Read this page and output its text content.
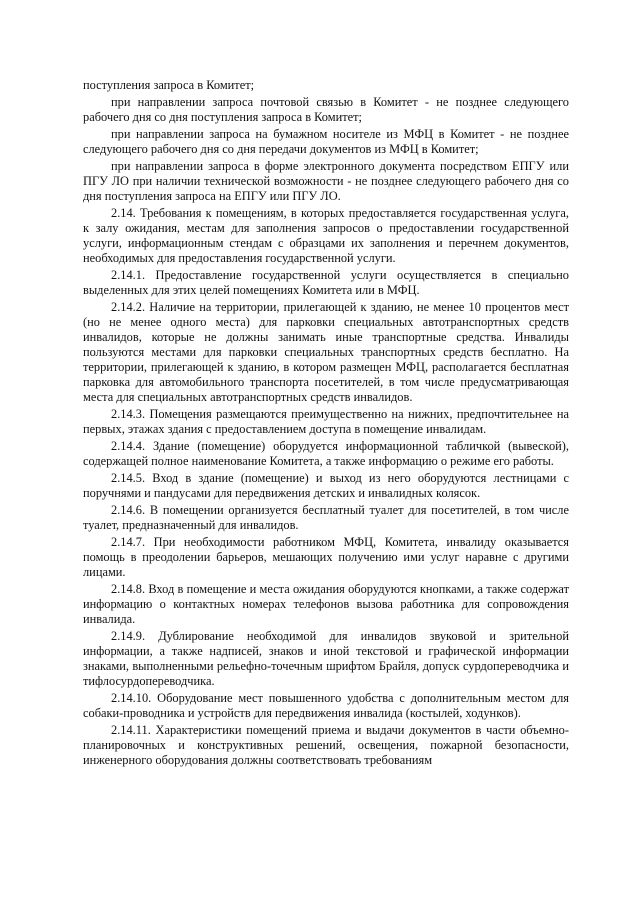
поступления запроса в Комитет;

при направлении запроса почтовой связью в Комитет - не позднее следующего рабочего дня со дня поступления запроса в Комитет;

при направлении запроса на бумажном носителе из МФЦ в Комитет - не позднее следующего рабочего дня со дня передачи документов из МФЦ в Комитет;

при направлении запроса в форме электронного документа посредством ЕПГУ или ПГУ ЛО при наличии технической возможности - не позднее следующего рабочего дня со дня поступления запроса на ЕПГУ или ПГУ ЛО.

2.14. Требования к помещениям, в которых предоставляется государственная услуга, к залу ожидания, местам для заполнения запросов о предоставлении государственной услуги, информационным стендам с образцами их заполнения и перечнем документов, необходимых для предоставления государственной услуги.

2.14.1. Предоставление государственной услуги осуществляется в специально выделенных для этих целей помещениях Комитета или в МФЦ.

2.14.2. Наличие на территории, прилегающей к зданию, не менее 10 процентов мест (но не менее одного места) для парковки специальных автотранспортных средств инвалидов, которые не должны занимать иные транспортные средства. Инвалиды пользуются местами для парковки специальных транспортных средств бесплатно. На территории, прилегающей к зданию, в котором размещен МФЦ, располагается бесплатная парковка для автомобильного транспорта посетителей, в том числе предусматривающая места для специальных автотранспортных средств инвалидов.

2.14.3. Помещения размещаются преимущественно на нижних, предпочтительнее на первых, этажах здания с предоставлением доступа в помещение инвалидам.

2.14.4. Здание (помещение) оборудуется информационной табличкой (вывеской), содержащей полное наименование Комитета, а также информацию о режиме его работы.

2.14.5. Вход в здание (помещение) и выход из него оборудуются лестницами с поручнями и пандусами для передвижения детских и инвалидных колясок.

2.14.6. В помещении организуется бесплатный туалет для посетителей, в том числе туалет, предназначенный для инвалидов.

2.14.7. При необходимости работником МФЦ, Комитета, инвалиду оказывается помощь в преодолении барьеров, мешающих получению ими услуг наравне с другими лицами.

2.14.8. Вход в помещение и места ожидания оборудуются кнопками, а также содержат информацию о контактных номерах телефонов вызова работника для сопровождения инвалида.

2.14.9. Дублирование необходимой для инвалидов звуковой и зрительной информации, а также надписей, знаков и иной текстовой и графической информации знаками, выполненными рельефно-точечным шрифтом Брайля, допуск сурдопереводчика и тифлосурдопереводчика.

2.14.10. Оборудование мест повышенного удобства с дополнительным местом для собаки-проводника и устройств для передвижения инвалида (костылей, ходунков).

2.14.11. Характеристики помещений приема и выдачи документов в части объемно-планировочных и конструктивных решений, освещения, пожарной безопасности, инженерного оборудования должны соответствовать требованиям
